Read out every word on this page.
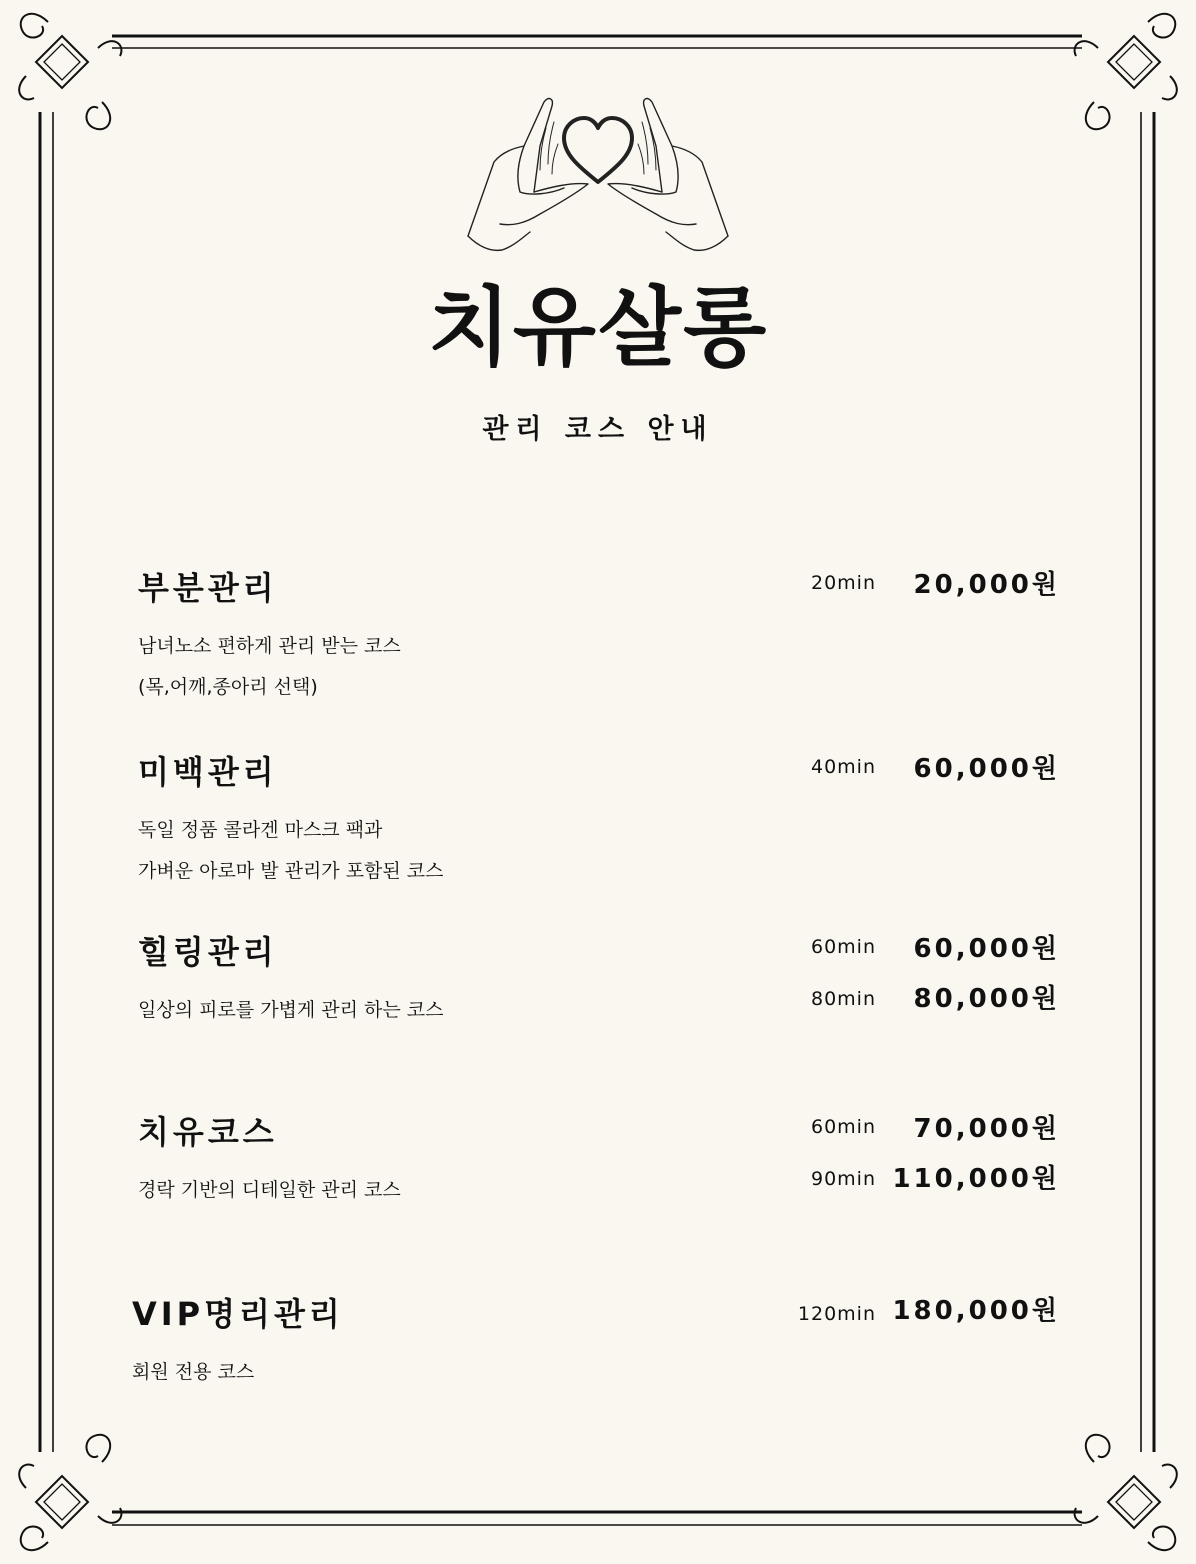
치유살롱
관리 코스 안내
부분관리
남녀노소 편하게 관리 받는 코스
(목,어깨,종아리 선택)
20min	20,000원
미백관리
독일 정품 콜라겐 마스크 팩과
가벼운 아로마 발 관리가 포함된 코스
40min	60,000원
힐링관리
일상의 피로를 가볍게 관리 하는 코스
60min	60,000원
80min	80,000원
치유코스
경락 기반의 디테일한 관리 코스
60min	70,000원
90min 110,000원
VIP명리관리
회원 전용 코스
120min 180,000원
